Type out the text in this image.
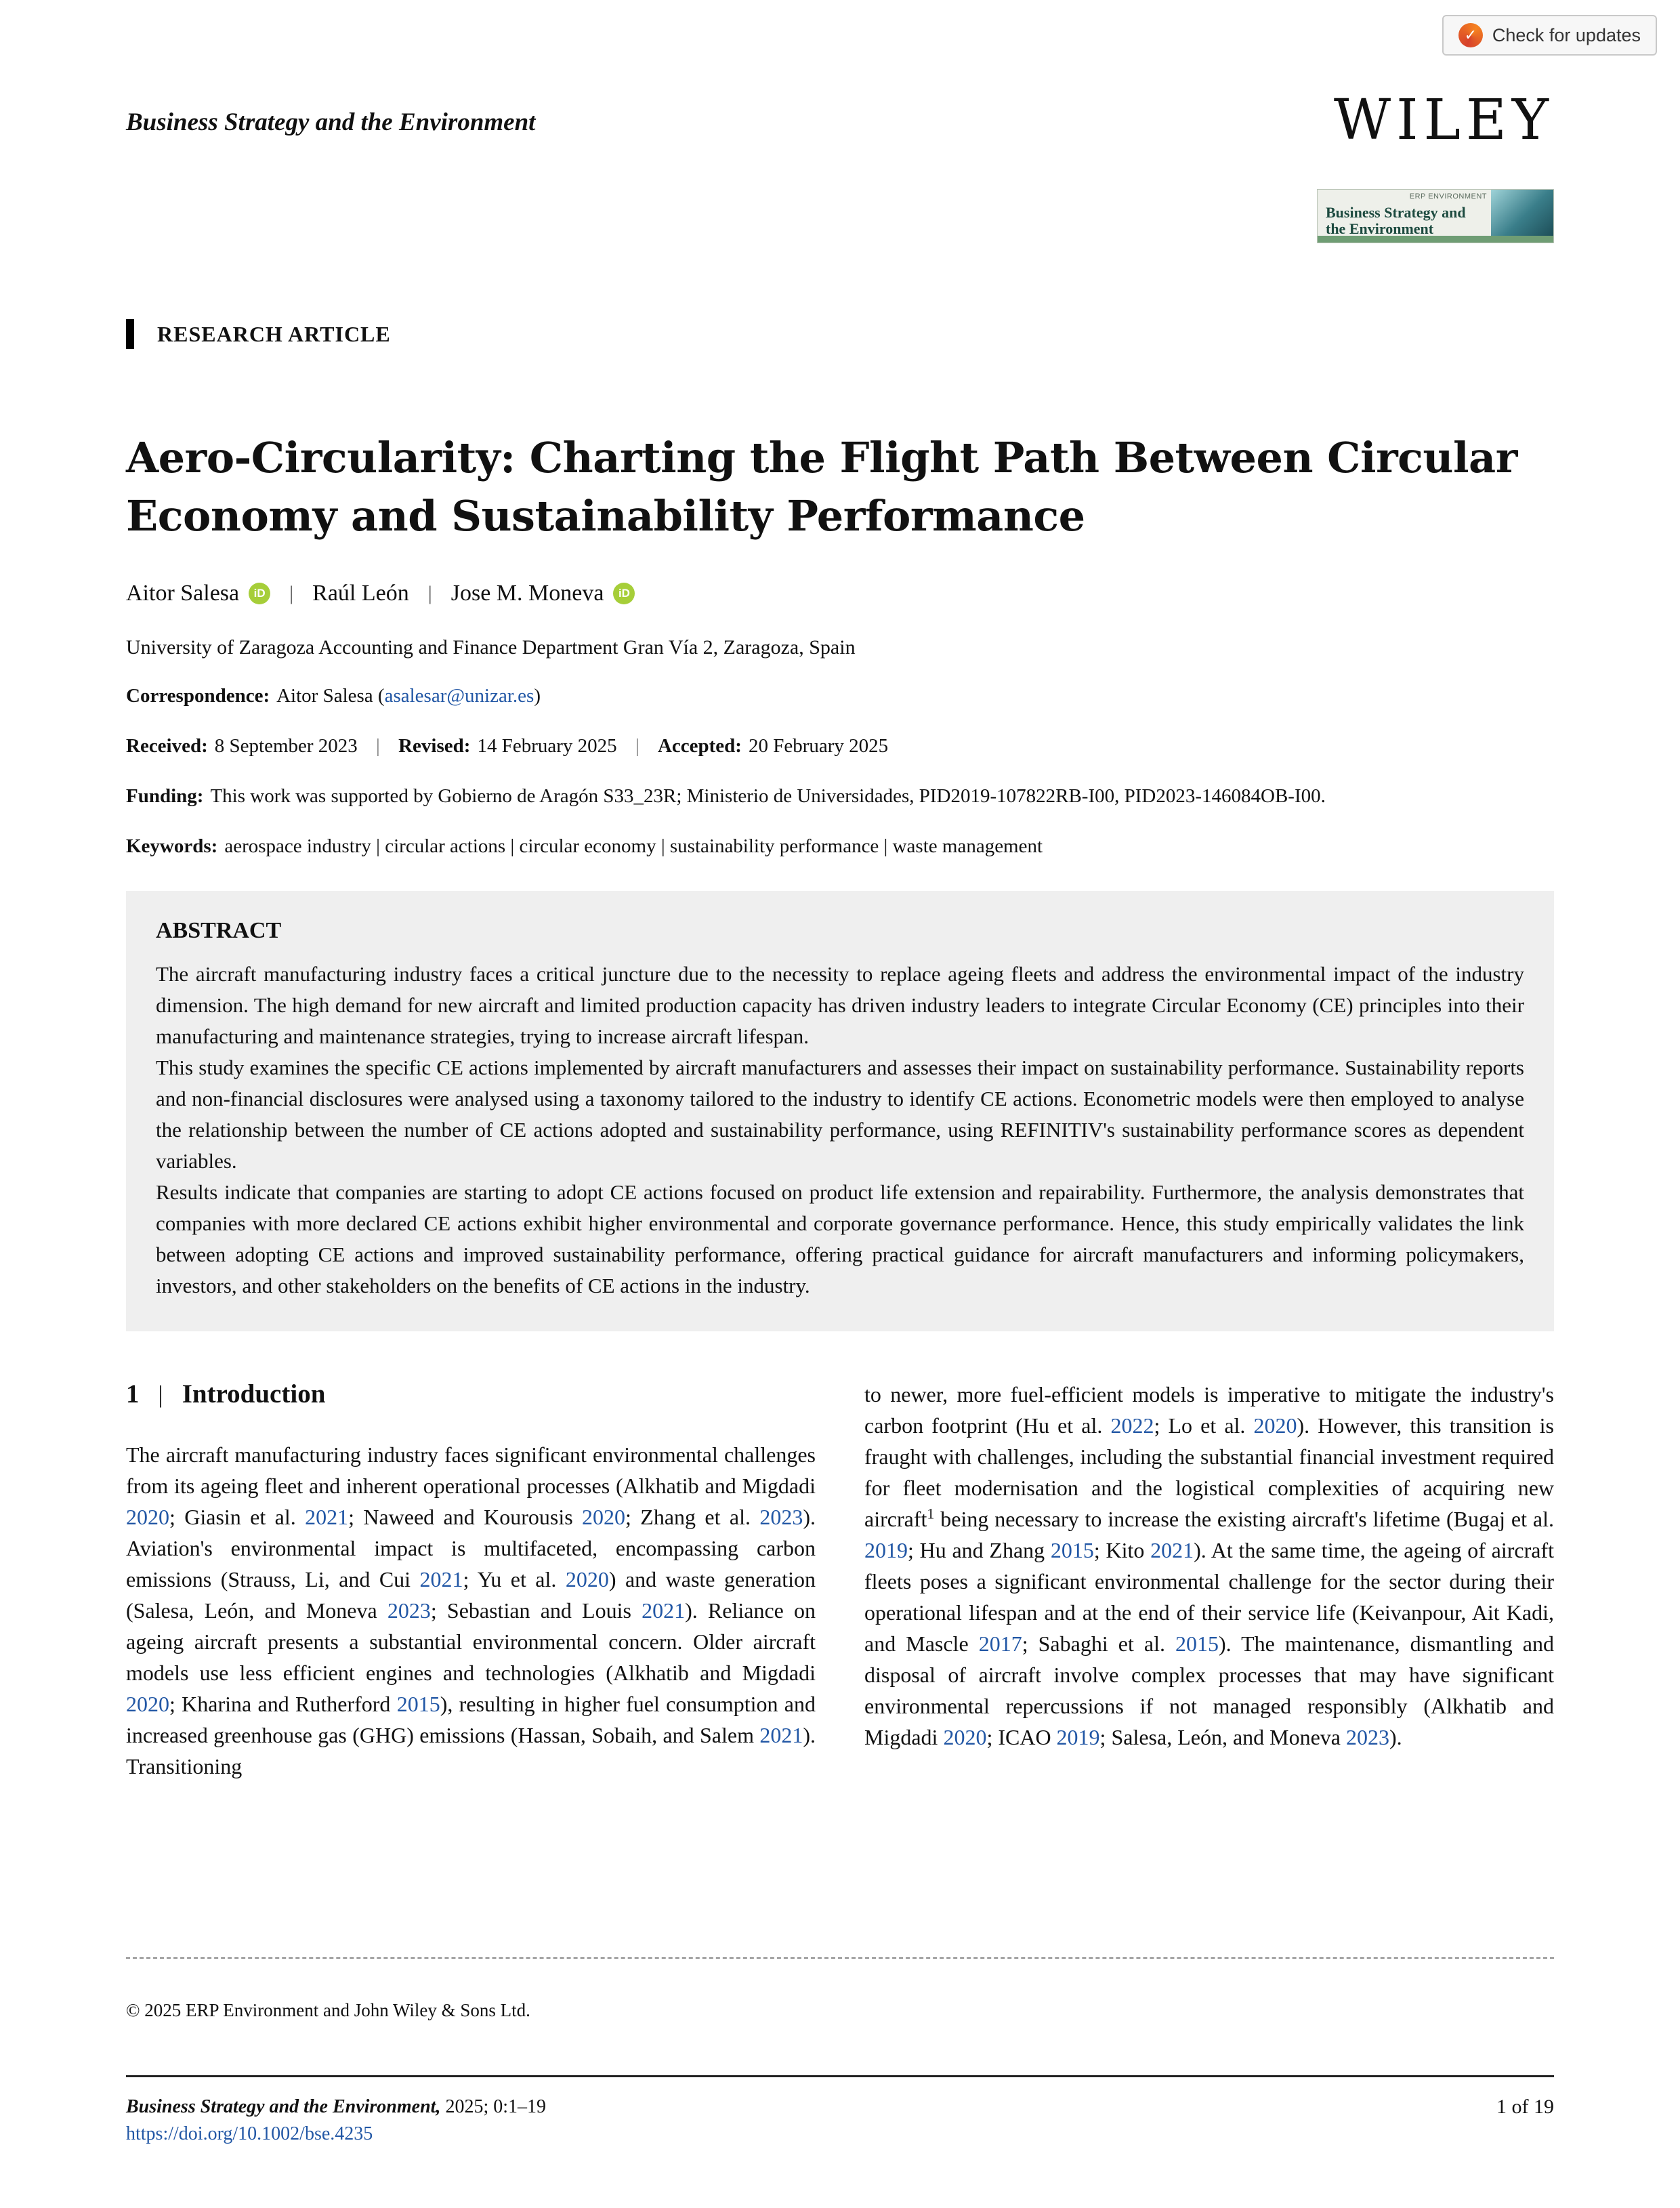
✓ Check for updates
Business Strategy and the Environment	WILEY
ERP ENVIRONMENT
Business Strategy and the Environment
RESEARCH ARTICLE
Aero-Circularity: Charting the Flight Path Between Circular Economy and Sustainability Performance
Aitor Salesa	iD | Raúl León | Jose M. Moneva	iD
University of Zaragoza Accounting and Finance Department Gran Vía 2, Zaragoza, Spain
Correspondence: Aitor Salesa (asalesar@unizar.es)
Received: 8 September 2023 | Revised: 14 February 2025 | Accepted: 20 February 2025
Funding: This work was supported by Gobierno de Aragón S33_23R; Ministerio de Universidades, PID2019-107822RB-I00, PID2023-146084OB-I00.
Keywords: aerospace industry | circular actions | circular economy | sustainability performance | waste management
ABSTRACT

The aircraft manufacturing industry faces a critical juncture due to the necessity to replace ageing fleets and address the environmental impact of the industry dimension. The high demand for new aircraft and limited production capacity has driven industry leaders to integrate Circular Economy (CE) principles into their manufacturing and maintenance strategies, trying to increase aircraft lifespan.

This study examines the specific CE actions implemented by aircraft manufacturers and assesses their impact on sustainability performance. Sustainability reports and non-financial disclosures were analysed using a taxonomy tailored to the industry to identify CE actions. Econometric models were then employed to analyse the relationship between the number of CE actions adopted and sustainability performance, using REFINITIV's sustainability performance scores as dependent variables.

Results indicate that companies are starting to adopt CE actions focused on product life extension and repairability. Furthermore, the analysis demonstrates that companies with more declared CE actions exhibit higher environmental and corporate governance performance. Hence, this study empirically validates the link between adopting CE actions and improved sustainability performance, offering practical guidance for aircraft manufacturers and informing policymakers, investors, and other stakeholders on the benefits of CE actions in the industry.

1 | Introduction

The aircraft manufacturing industry faces significant environmental challenges from its ageing fleet and inherent operational processes (Alkhatib and Migdadi 2020; Giasin et al. 2021; Naweed and Kourousis 2020; Zhang et al. 2023). Aviation's environmental impact is multifaceted, encompassing carbon emissions (Strauss, Li, and Cui 2021; Yu et al. 2020) and waste generation (Salesa, León, and Moneva 2023; Sebastian and Louis 2021). Reliance on ageing aircraft presents a substantial environmental concern. Older aircraft models use less efficient engines and technologies (Alkhatib and Migdadi 2020; Kharina and Rutherford 2015), resulting in higher fuel consumption and increased greenhouse gas (GHG) emissions (Hassan, Sobaih, and Salem 2021). Transitioning

to newer, more fuel-efficient models is imperative to mitigate the industry's carbon footprint (Hu et al. 2022; Lo et al. 2020). However, this transition is fraught with challenges, including the substantial financial investment required for fleet modernisation and the logistical complexities of acquiring new aircraft$^1$ being necessary to increase the existing aircraft's lifetime (Bugaj et al. 2019; Hu and Zhang 2015; Kito 2021). At the same time, the ageing of aircraft fleets poses a significant environmental challenge for the sector during their operational lifespan and at the end of their service life (Keivanpour, Ait Kadi, and Mascle 2017; Sabaghi et al. 2015). The maintenance, dismantling and disposal of aircraft involve complex processes that may have significant environmental repercussions if not managed responsibly (Alkhatib and Migdadi 2020; ICAO 2019; Salesa, León, and Moneva 2023).

© 2025 ERP Environment and John Wiley & Sons Ltd.
Business Strategy and the Environment, 2025; 0:1–19
https://doi.org/10.1002/bse.4235
1 of 19
